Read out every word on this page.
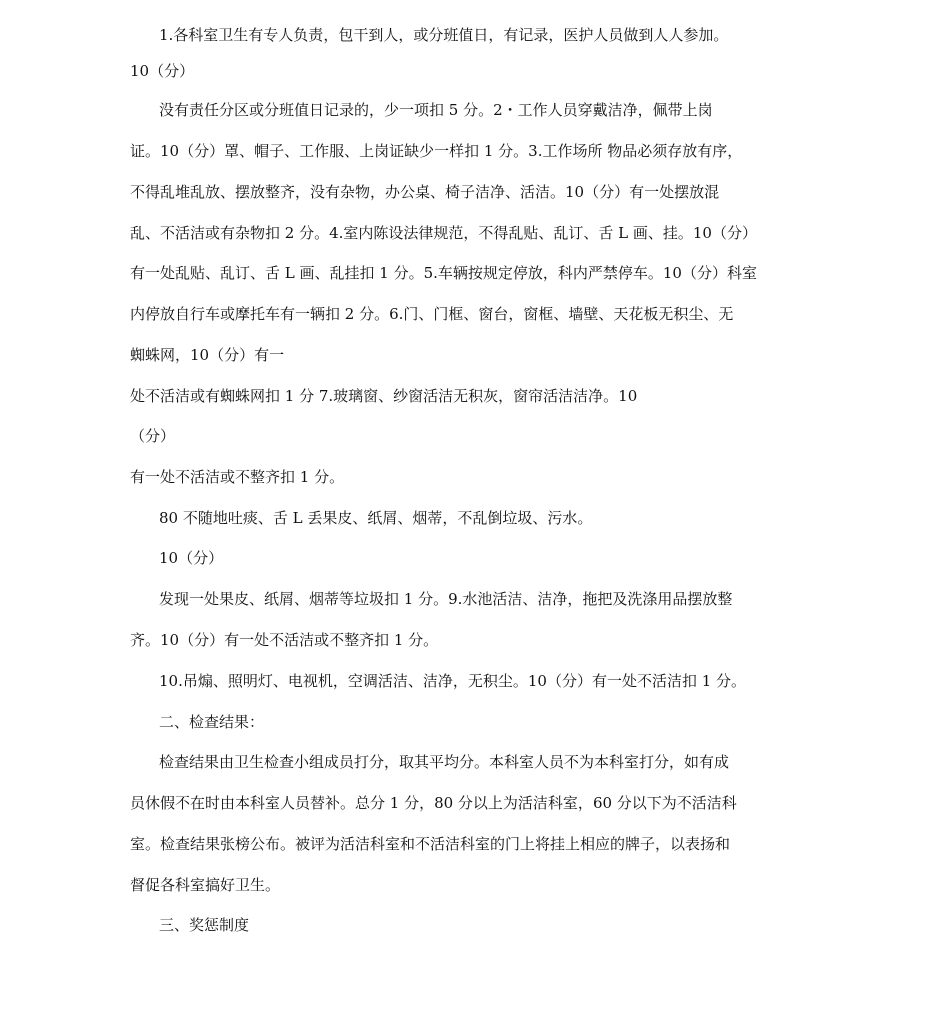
1.各科室卫生有专人负责，包干到人，或分班值日，有记录，医护人员做到人人参加。
10（分）
没有责任分区或分班值日记录的，少一项扣 5 分。2・工作人员穿戴洁净，佩带上岗
证。10（分）罩、帽子、工作服、上岗证缺少一样扣 1 分。3.工作场所 物品必须存放有序，
不得乱堆乱放、摆放整齐，没有杂物，办公桌、椅子洁净、活洁。10（分）有一处摆放混
乱、不活洁或有杂物扣 2 分。4.室内陈设法律规范，不得乱贴、乱订、舌 L 画、挂。10（分）
有一处乱贴、乱订、舌 L 画、乱挂扣 1 分。5.车辆按规定停放，科内严禁停车。10（分）科室
内停放自行车或摩托车有一辆扣 2 分。6.门、门框、窗台，窗框、墙壁、天花板无积尘、无
蜘蛛网，10（分）有一
处不活洁或有蜘蛛网扣 1 分 7.玻璃窗、纱窗活洁无积灰，窗帘活洁洁净。10
（分）
有一处不活洁或不整齐扣 1 分。
80 不随地吐痰、舌 L 丢果皮、纸屑、烟蒂，不乱倒垃圾、污水。
10（分）
发现一处果皮、纸屑、烟蒂等垃圾扣 1 分。9.水池活洁、洁净，拖把及洗涤用品摆放整
齐。10（分）有一处不活洁或不整齐扣 1 分。
10.吊煽、照明灯、电视机，空调活洁、洁净，无积尘。10（分）有一处不活洁扣 1 分。
二、检查结果：
检查结果由卫生检查小组成员打分，取其平均分。本科室人员不为本科室打分，如有成
员休假不在时由本科室人员替补。总分 1 分，80 分以上为活洁科室，60 分以下为不活洁科
室。检查结果张榜公布。被评为活洁科室和不活洁科室的门上将挂上相应的牌子，以表扬和
督促各科室搞好卫生。
三、奖惩制度
